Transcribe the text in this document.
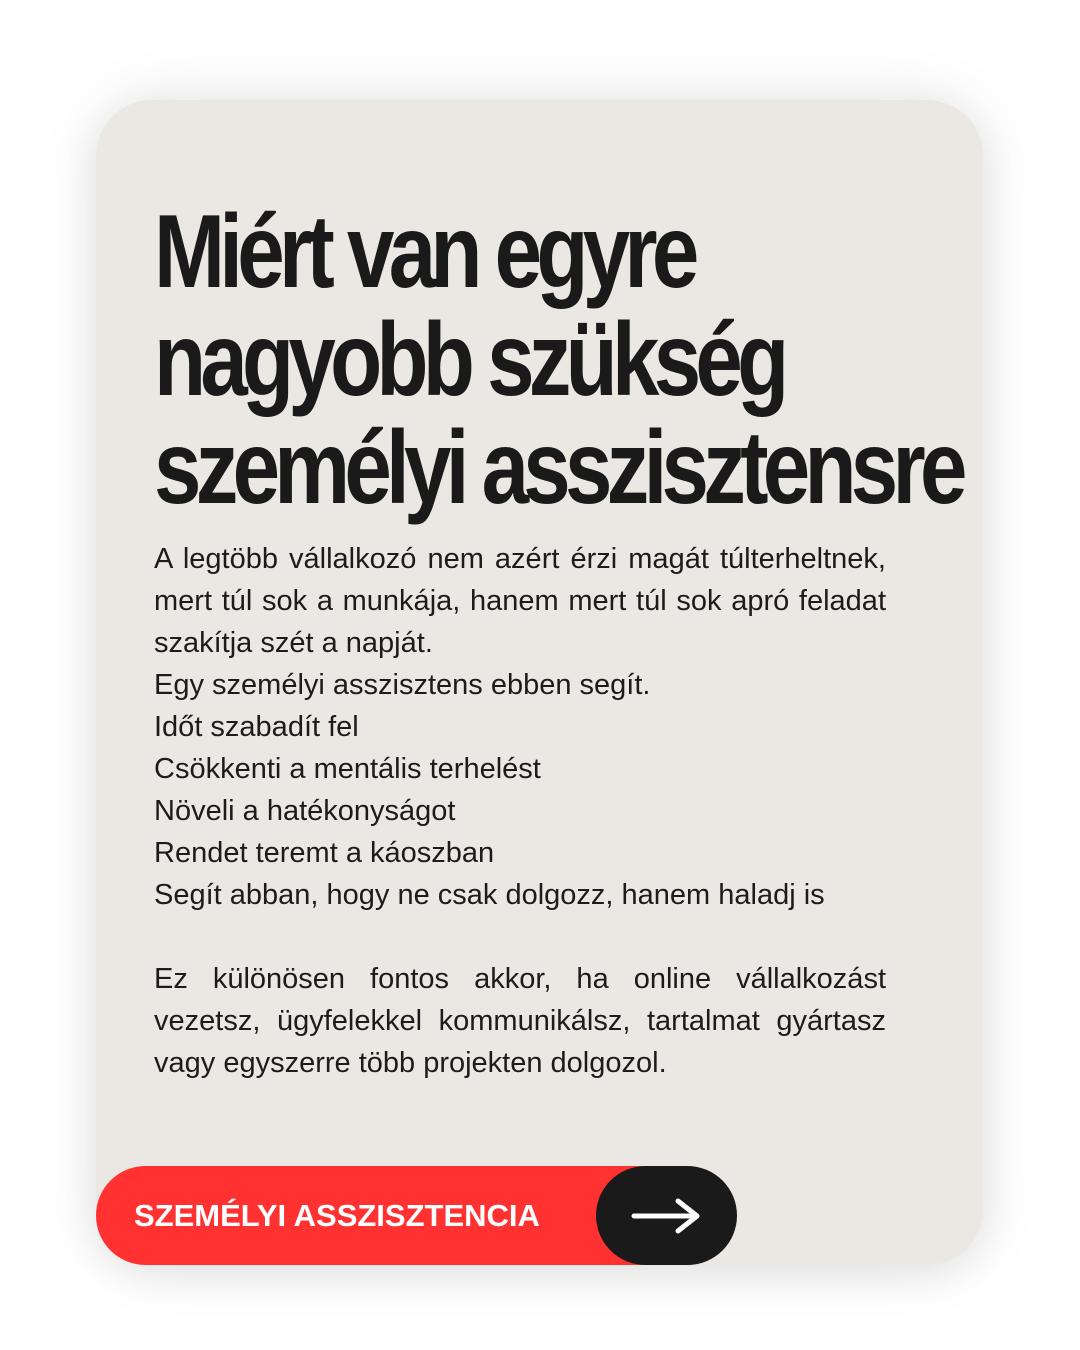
Miért van egyre
nagyobb szükség
személyi asszisztensre

A legtöbb vállalkozó nem azért érzi magát túlterheltnek, mert túl sok a munkája, hanem mert túl sok apró feladat szakítja szét a napját.

Egy személyi asszisztens ebben segít.

Időt szabadít fel

Csökkenti a mentális terhelést

Növeli a hatékonyságot

Rendet teremt a káoszban

Segít abban, hogy ne csak dolgozz, hanem haladj is

Ez különösen fontos akkor, ha online vállalkozást vezetsz, ügyfelekkel kommunikálsz, tartalmat gyártasz vagy egyszerre több projekten dolgozol.

SZEMÉLYI ASSZISZTENCIA
